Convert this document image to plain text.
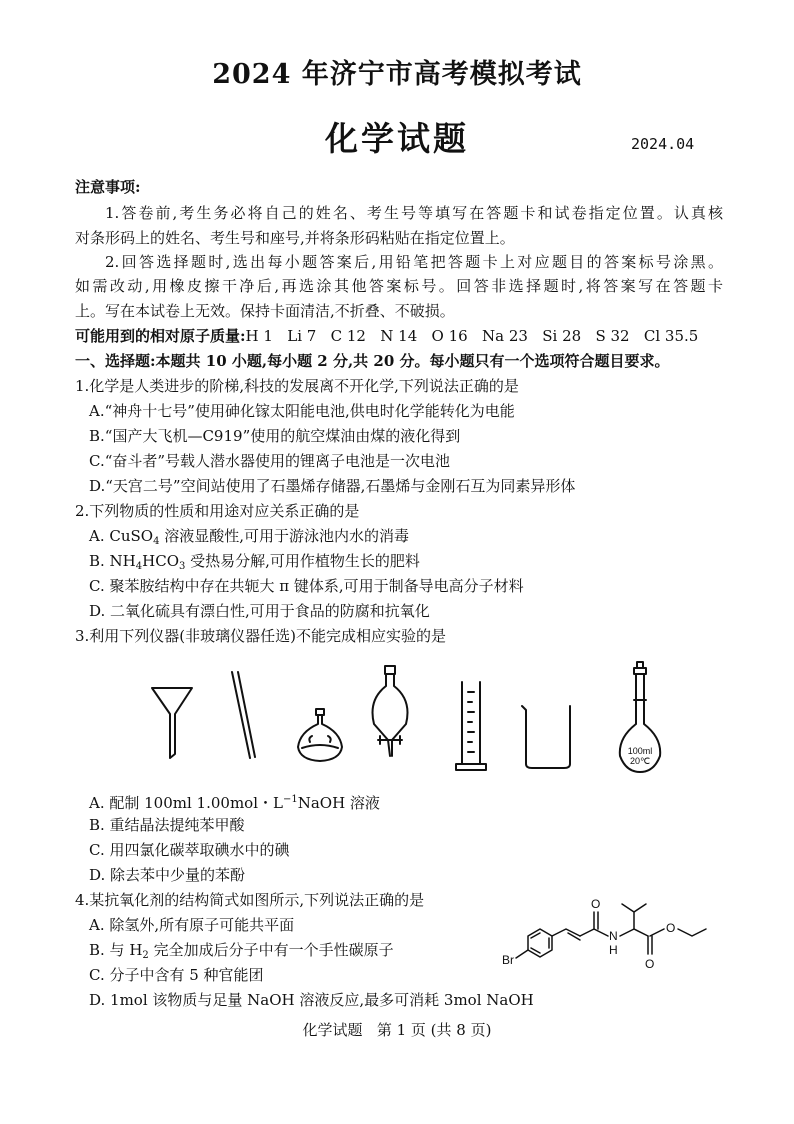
2024 年济宁市高考模拟考试
化学试题	2024.04
注意事项:
1.答卷前,考生务必将自己的姓名、考生号等填写在答题卡和试卷指定位置。认真核
对条形码上的姓名、考生号和座号,并将条形码粘贴在指定位置上。
2.回答选择题时,选出每小题答案后,用铅笔把答题卡上对应题目的答案标号涂黑。
如需改动,用橡皮擦干净后,再选涂其他答案标号。回答非选择题时,将答案写在答题卡
上。写在本试卷上无效。保持卡面清洁,不折叠、不破损。
可能用到的相对原子质量:H 1   Li 7   C 12   N 14   O 16   Na 23   Si 28   S 32   Cl 35.5
一、选择题:本题共 10 小题,每小题 2 分,共 20 分。每小题只有一个选项符合题目要求。
1.化学是人类进步的阶梯,科技的发展离不开化学,下列说法正确的是
A.“神舟十七号”使用砷化镓太阳能电池,供电时化学能转化为电能
B.“国产大飞机—C919”使用的航空煤油由煤的液化得到
C.“奋斗者”号载人潜水器使用的锂离子电池是一次电池
D.“天宫二号”空间站使用了石墨烯存储器,石墨烯与金刚石互为同素异形体
2.下列物质的性质和用途对应关系正确的是
A. CuSO$_4$ 溶液显酸性,可用于游泳池内水的消毒
B. $NH_4HCO_3$ 受热易分解,可用作植物生长的肥料
C. 聚苯胺结构中存在共轭大 π 键体系,可用于制备导电高分子材料
D. 二氧化硫具有漂白性,可用于食品的防腐和抗氧化
3.利用下列仪器(非玻璃仪器任选)不能完成相应实验的是
100ml
20℃
A. 配制 100ml 1.00mol・$L^{-1}NaOH$ 溶液
B. 重结晶法提纯苯甲酸
C. 用四氯化碳萃取碘水中的碘
D. 除去苯中少量的苯酚
4.某抗氧化剂的结构简式如图所示,下列说法正确的是
A. 除氢外,所有原子可能共平面
B. 与 $H_2$ 完全加成后分子中有一个手性碳原子
C. 分子中含有 5 种官能团
D. 1mol 该物质与足量 NaOH 溶液反应,最多可消耗 3mol NaOH
Br
N
H
O
O
O
化学试题   第 1 页 (共 8 页)
